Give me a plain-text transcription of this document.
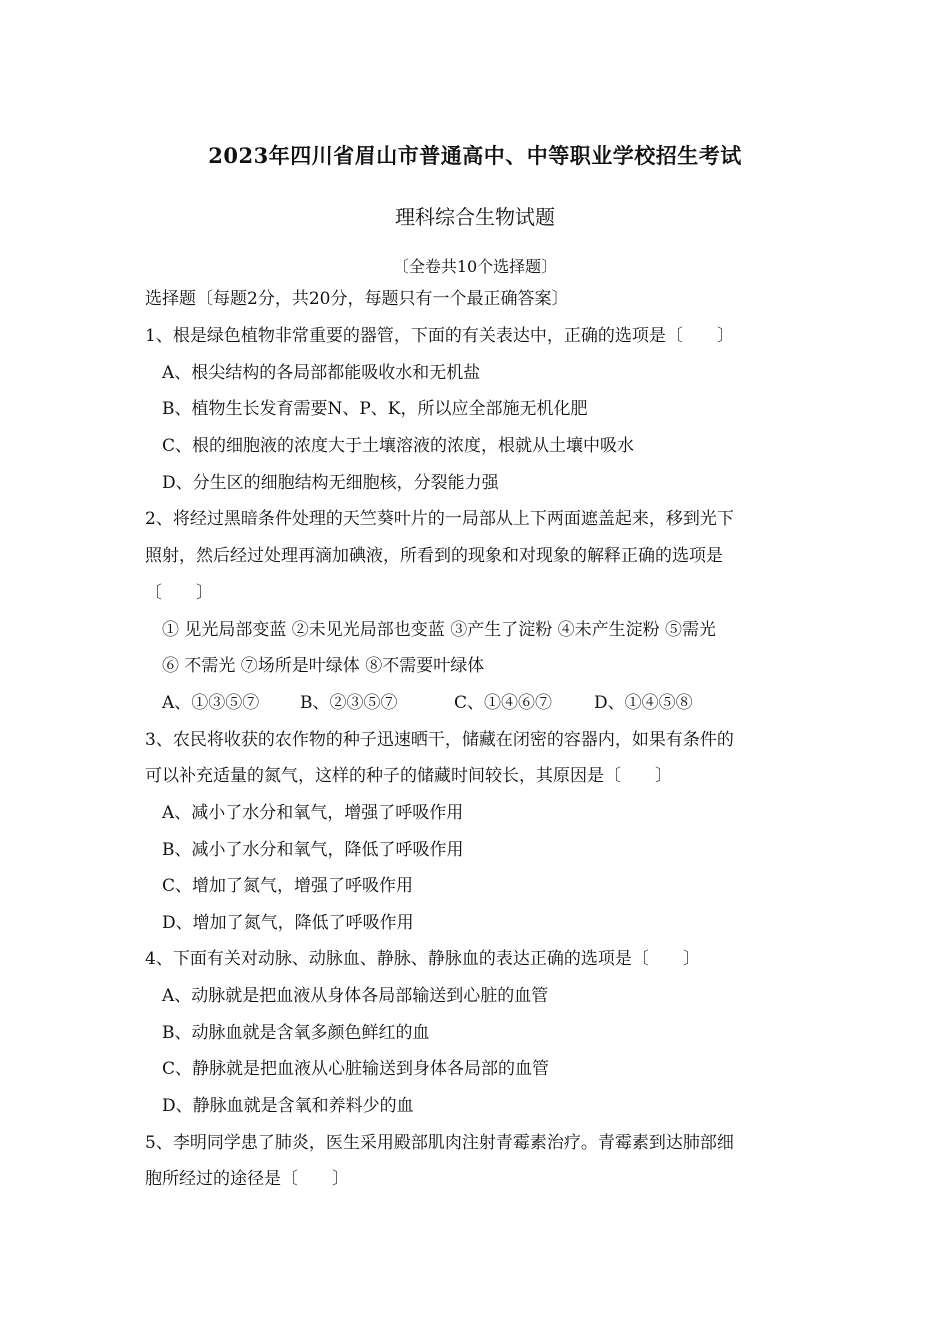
2023年四川省眉山市普通高中、中等职业学校招生考试
理科综合生物试题
〔全卷共10个选择题〕
选择题〔每题2分，共20分，每题只有一个最正确答案〕
1、根是绿色植物非常重要的器管，下面的有关表达中，正确的选项是〔　　〕
A、根尖结构的各局部都能吸收水和无机盐
B、植物生长发育需要N、P、K，所以应全部施无机化肥
C、根的细胞液的浓度大于土壤溶液的浓度，根就从土壤中吸水
D、分生区的细胞结构无细胞核，分裂能力强
2、将经过黑暗条件处理的天竺葵叶片的一局部从上下两面遮盖起来，移到光下
照射，然后经过处理再滴加碘液，所看到的现象和对现象的解释正确的选项是
〔　　〕
① 见光局部变蓝 ②未见光局部也变蓝 ③产生了淀粉 ④未产生淀粉 ⑤需光
⑥ 不需光 ⑦场所是叶绿体 ⑧不需要叶绿体
A、①③⑤⑦ B、②③⑤⑦	C、①④⑥⑦ D、①④⑤⑧
3、农民将收获的农作物的种子迅速晒干，储藏在闭密的容器内，如果有条件的
可以补充适量的氮气，这样的种子的储藏时间较长，其原因是〔　　〕
A、减小了水分和氧气，增强了呼吸作用
B、减小了水分和氧气，降低了呼吸作用
C、增加了氮气，增强了呼吸作用
D、增加了氮气，降低了呼吸作用
4、下面有关对动脉、动脉血、静脉、静脉血的表达正确的选项是〔　　〕
A、动脉就是把血液从身体各局部输送到心脏的血管
B、动脉血就是含氧多颜色鲜红的血
C、静脉就是把血液从心脏输送到身体各局部的血管
D、静脉血就是含氧和养料少的血
5、李明同学患了肺炎，医生采用殿部肌肉注射青霉素治疗。青霉素到达肺部细
胞所经过的途径是〔　　〕
